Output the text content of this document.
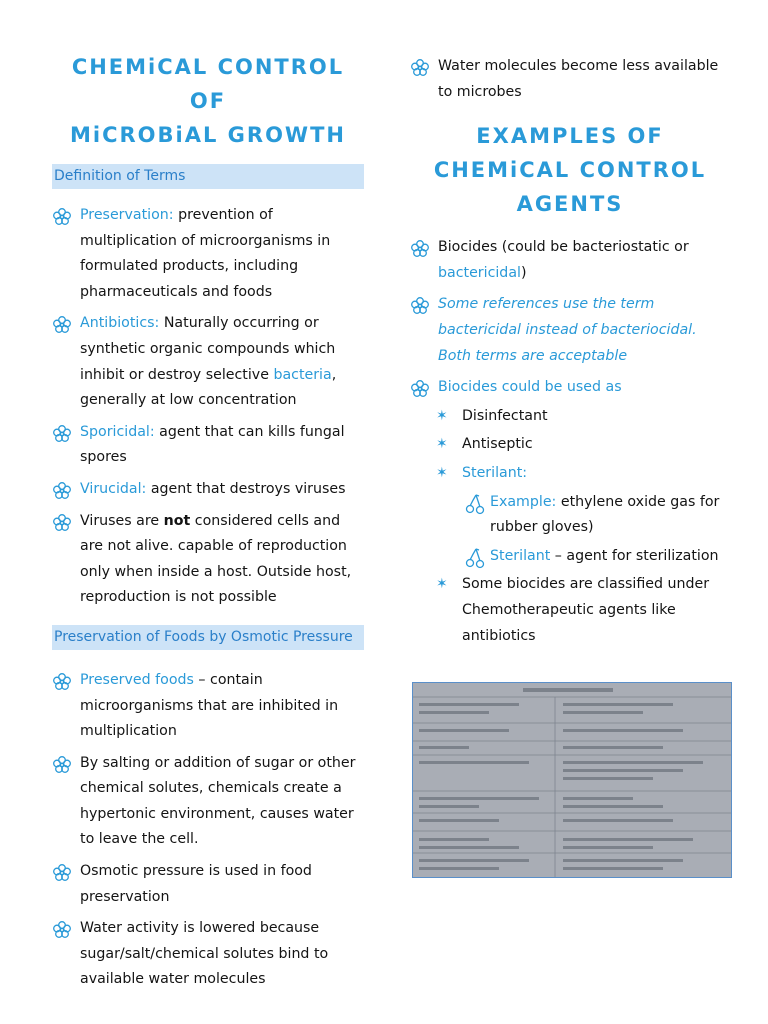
CHEMiCAL CONTROL OF
MiCROBiAL GROWTH
Definition of Terms
Preservation: prevention of multiplication of microorganisms in formulated products, including pharmaceuticals and foods
Antibiotics: Naturally occurring or synthetic organic compounds which inhibit or destroy selective bacteria, generally at low concentration
Sporicidal: agent that can kills fungal spores
Virucidal: agent that destroys viruses
Viruses are not considered cells and are not alive. capable of reproduction only when inside a host. Outside host, reproduction is not possible
Preservation of Foods by Osmotic Pressure
Preserved foods – contain microorganisms that are inhibited in multiplication
By salting or addition of sugar or other chemical solutes, chemicals create a hypertonic environment, causes water to leave the cell.
Osmotic pressure is used in food preservation
Water activity is lowered because sugar/salt/chemical solutes bind to available water molecules
Water molecules become less available to microbes
EXAMPLES OF
CHEMiCAL CONTROL
AGENTS
Biocides (could be bacteriostatic or bactericidal)
Some references use the term bactericidal instead of bacteriocidal. Both terms are acceptable
Biocides could be used as
✶ Disinfectant
✶ Antiseptic
✶ Sterilant:
Example: ethylene oxide gas for rubber gloves)
Sterilant – agent for sterilization
✶ Some biocides are classified under Chemotherapeutic agents like antibiotics
